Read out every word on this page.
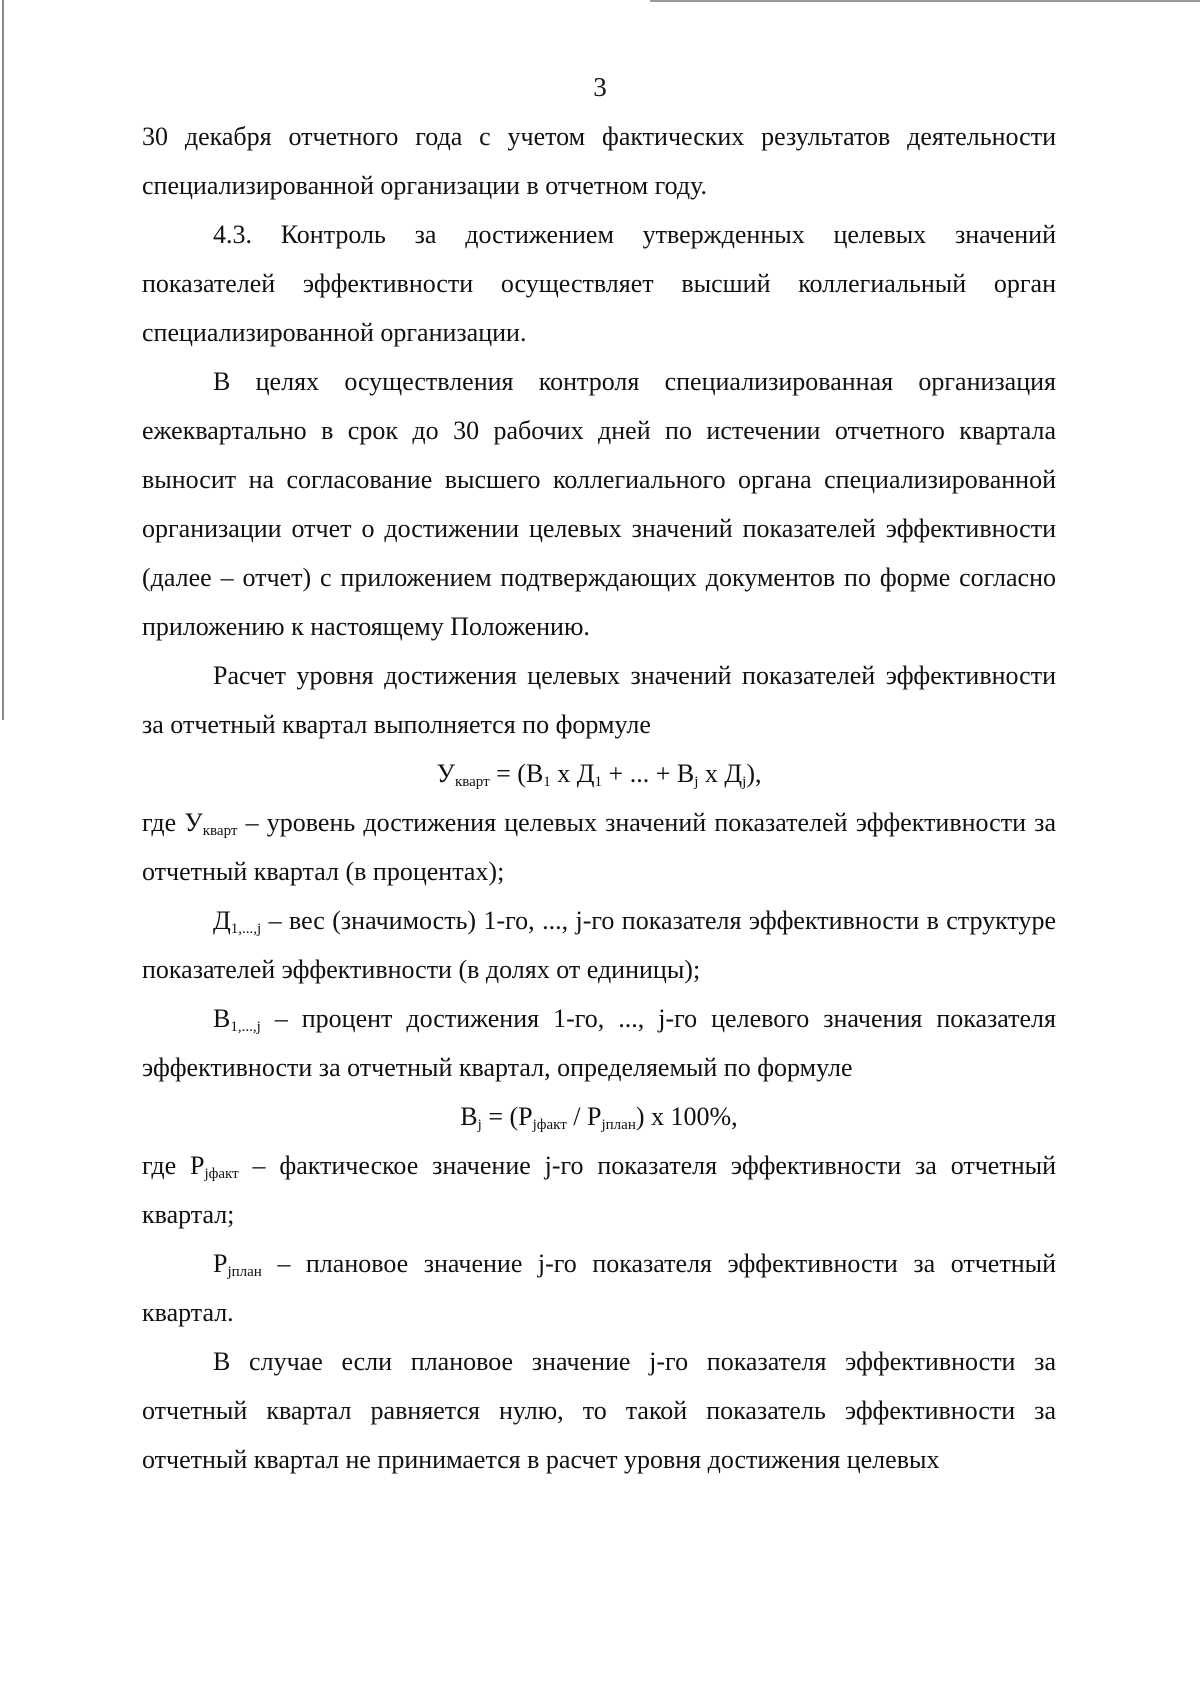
3

30 декабря отчетного года с учетом фактических результатов деятельности специализированной организации в отчетном году.

4.3. Контроль за достижением утвержденных целевых значений показателей эффективности осуществляет высший коллегиальный орган специализированной организации.

В целях осуществления контроля специализированная организация ежеквартально в срок до 30 рабочих дней по истечении отчетного квартала выносит на согласование высшего коллегиального органа специализированной организации отчет о достижении целевых значений показателей эффективности (далее – отчет) с приложением подтверждающих документов по форме согласно приложению к настоящему Положению.

Расчет уровня достижения целевых значений показателей эффективности за отчетный квартал выполняется по формуле

$У_{кварт} = (В_1$ х $Д_1$ + ... + $В_j$ х $Д_j$),

где $У_{кварт}$ – уровень достижения целевых значений показателей эффективности за отчетный квартал (в процентах);

$Д_{1,...,j}$ – вес (значимость) 1-го, ..., j-го показателя эффективности в структуре показателей эффективности (в долях от единицы);

$В_{1,...,j}$ – процент достижения 1-го, ..., j-го целевого значения показателя эффективности за отчетный квартал, определяемый по формуле

$В_j = (Р_{jфакт} / Р_{jплан})$ х 100%,

где $Р_{jфакт}$ – фактическое значение j-го показателя эффективности за отчетный квартал;

$Р_{jплан}$ – плановое значение j-го показателя эффективности за отчетный квартал.

В случае если плановое значение j-го показателя эффективности за отчетный квартал равняется нулю, то такой показатель эффективности за отчетный квартал не принимается в расчет уровня достижения целевых
